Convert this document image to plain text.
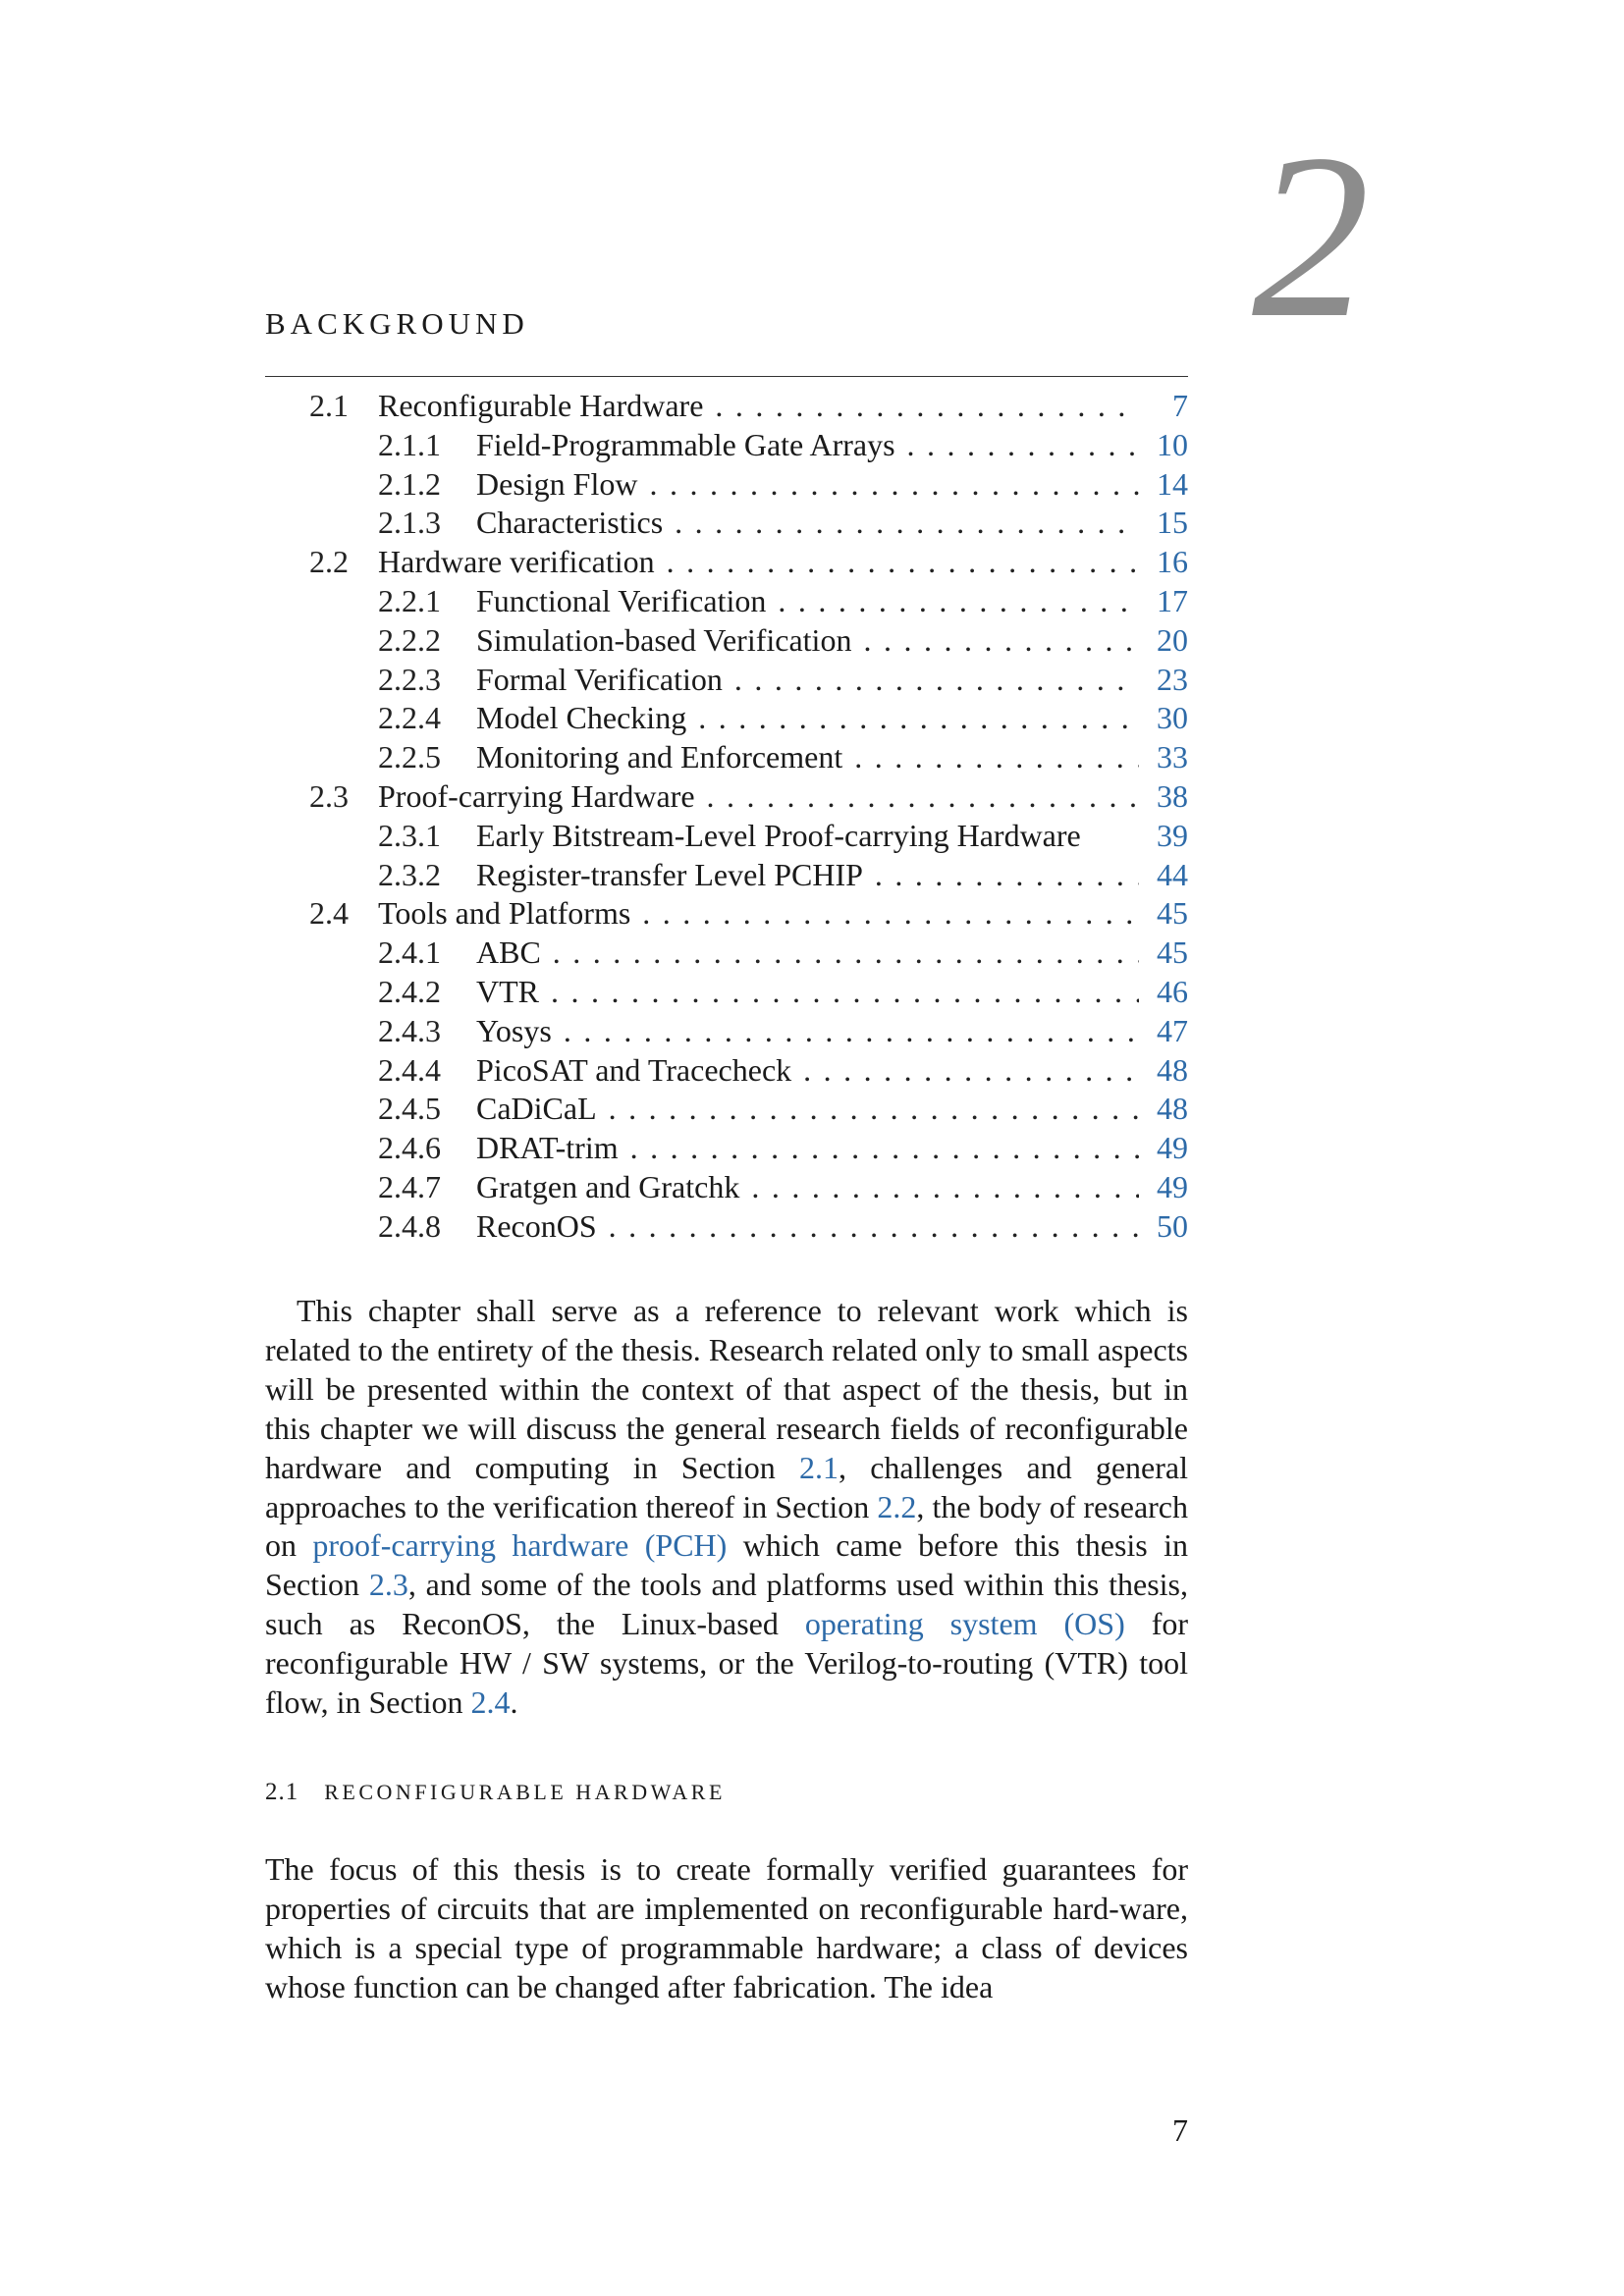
2
BACKGROUND
2.1 Reconfigurable Hardware . . .	7
2.1.1	Field-Programmable Gate Arrays . . .	10
2.1.2	Design Flow . . .	14
2.1.3	Characteristics . . .	15
2.2 Hardware verification . . .	16
2.2.1	Functional Verification . . .	17
2.2.2	Simulation-based Verification . . .	20
2.2.3	Formal Verification . . .	23
2.2.4	Model Checking . . .	30
2.2.5	Monitoring and Enforcement . . .	33
2.3 Proof-carrying Hardware . . .	38
2.3.1	Early Bitstream-Level Proof-carrying Hardware	39
2.3.2	Register-transfer Level PCHIP . . .	44
2.4 Tools and Platforms . . .	45
2.4.1	ABC . . .	45
2.4.2	VTR . . .	46
2.4.3	Yosys . . .	47
2.4.4	PicoSAT and Tracecheck . . .	48
2.4.5	CaDiCaL . . .	48
2.4.6	DRAT-trim . . .	49
2.4.7	Gratgen and Gratchk . . .	49
2.4.8	ReconOS . . .	50
This chapter shall serve as a reference to relevant work which is related to the entirety of the thesis. Research related only to small aspects will be presented within the context of that aspect of the thesis, but in this chapter we will discuss the general research fields of reconfigurable hardware and computing in Section 2.1, challenges and general approaches to the verification thereof in Section 2.2, the body of research on proof-carrying hardware (PCH) which came before this thesis in Section 2.3, and some of the tools and platforms used within this thesis, such as ReconOS, the Linux-based operating system (OS) for reconfigurable HW / SW systems, or the Verilog-to-routing (VTR) tool flow, in Section 2.4.
2.1 RECONFIGURABLE HARDWARE
The focus of this thesis is to create formally verified guarantees for properties of circuits that are implemented on reconfigurable hard-ware, which is a special type of programmable hardware; a class of devices whose function can be changed after fabrication. The idea
7
